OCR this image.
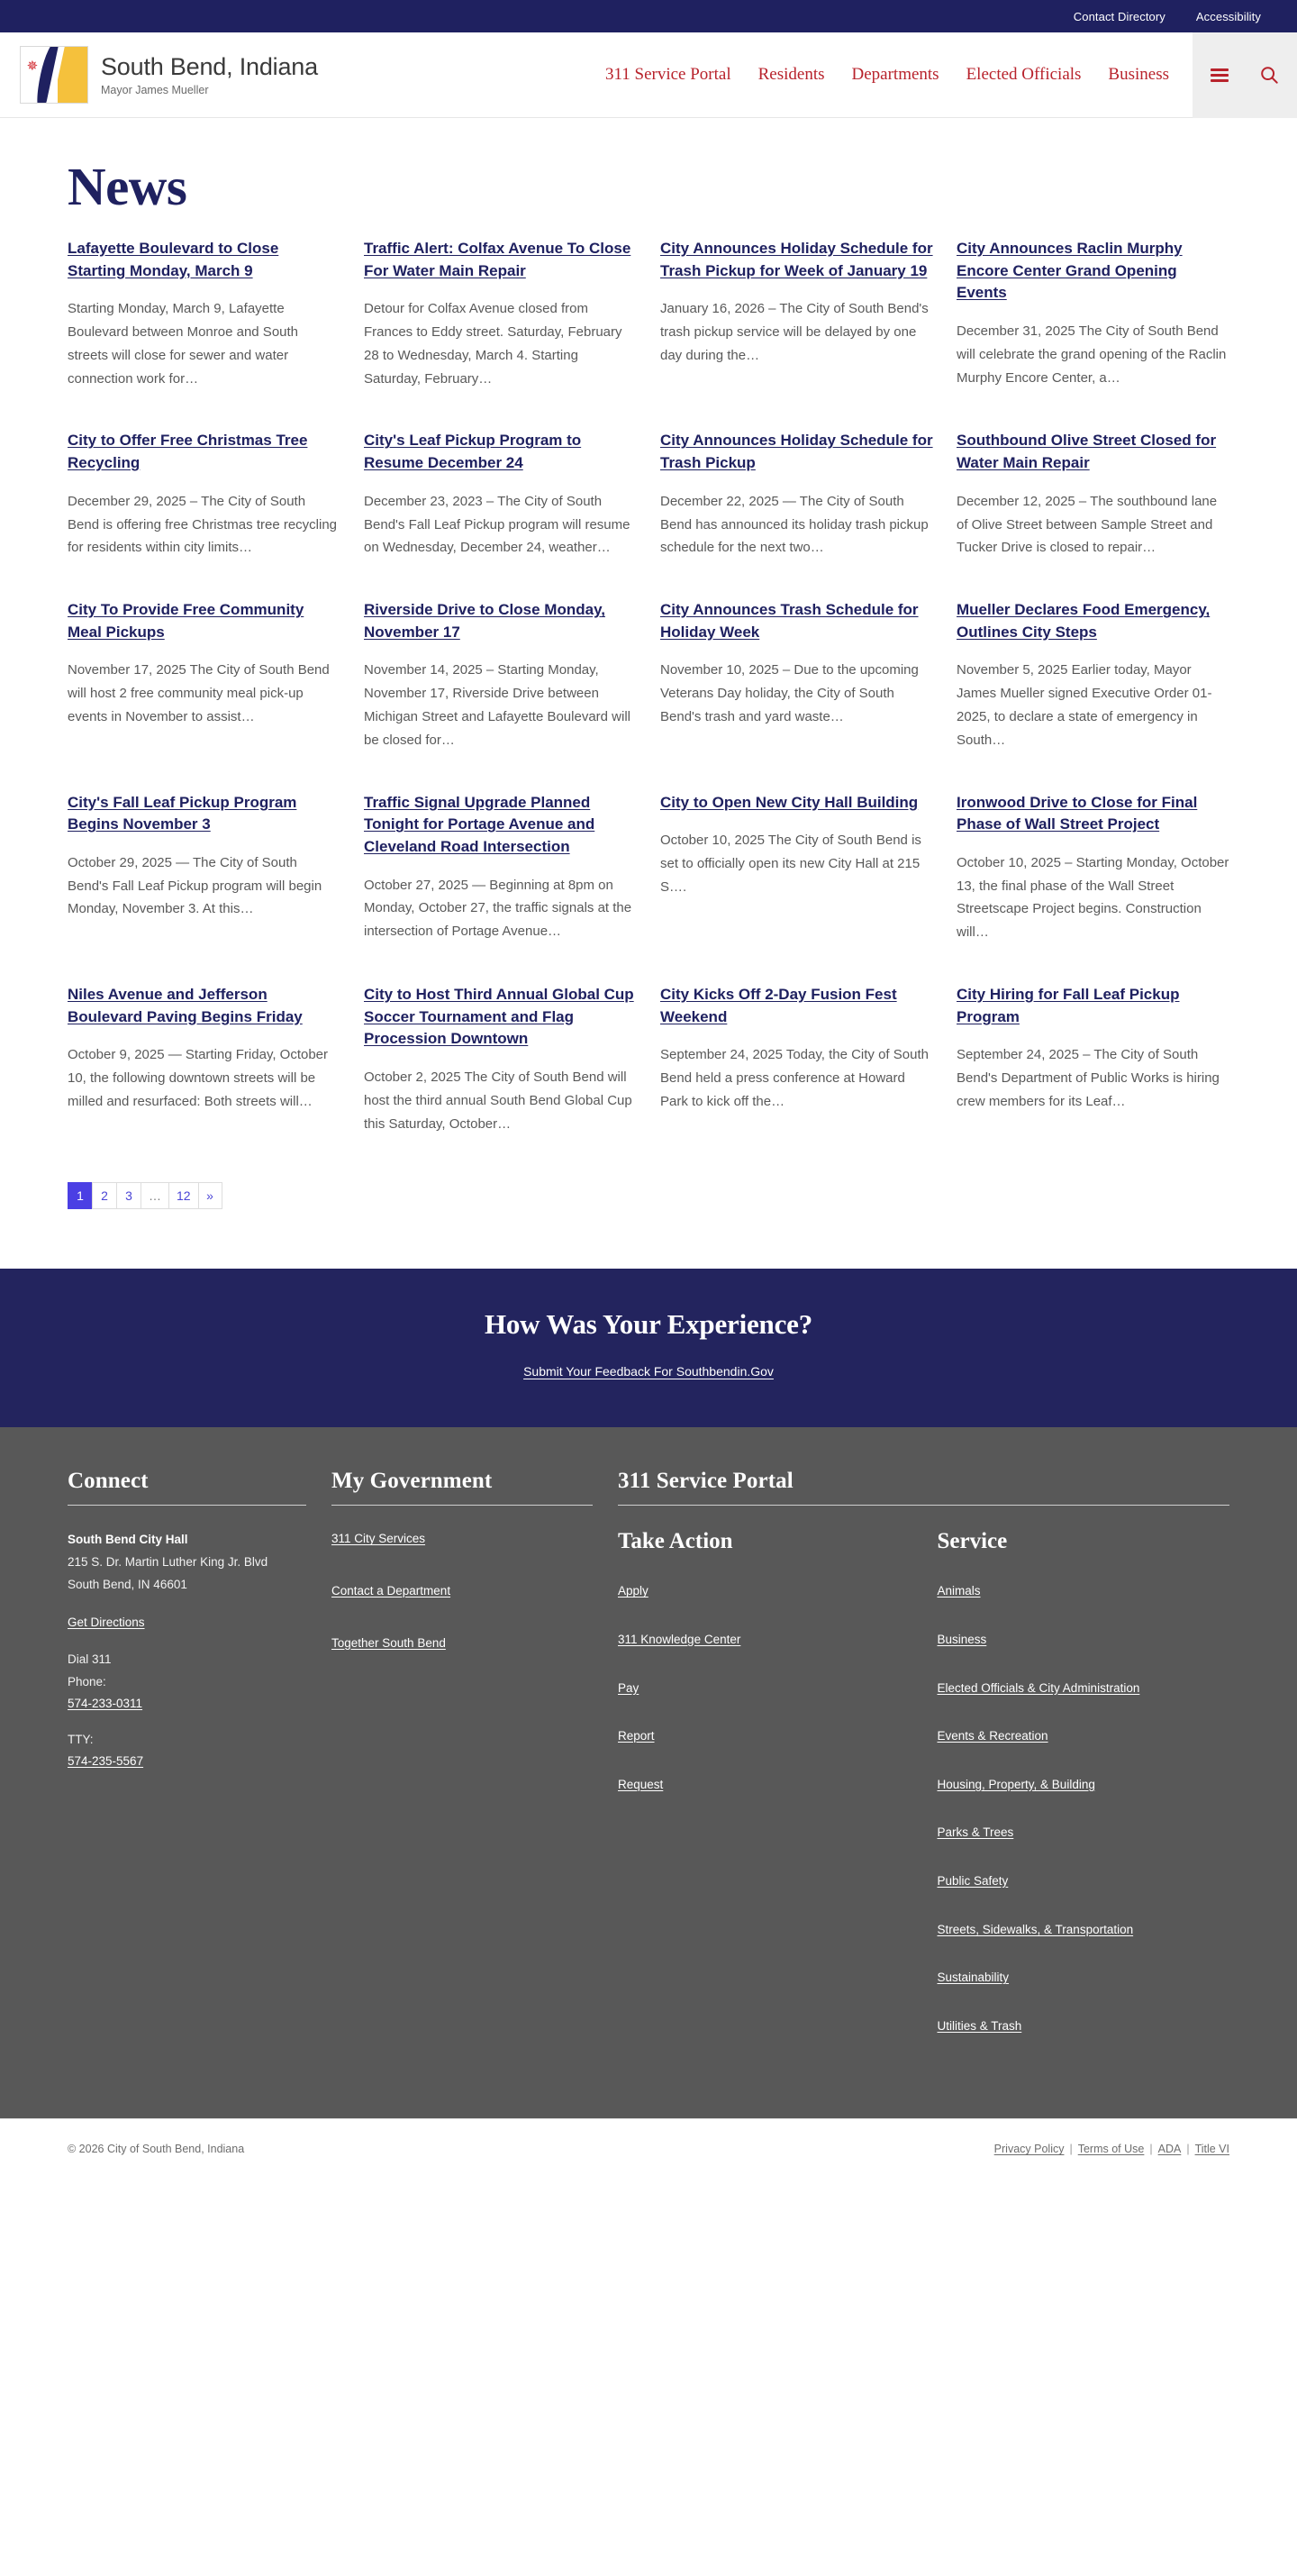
Contact Directory	Accessibility
✵	South Bend, Indiana
Mayor James Mueller
311 Service Portal Residents Departments Elected Officials Business
News
Lafayette Boulevard to Close Starting Monday, March 9

Starting Monday, March 9, Lafayette Boulevard between Monroe and South streets will close for sewer and water connection work for…

Traffic Alert: Colfax Avenue To Close For Water Main Repair

Detour for Colfax Avenue closed from Frances to Eddy street. Saturday, February 28 to Wednesday, March 4. Starting Saturday, February…

City Announces Holiday Schedule for Trash Pickup for Week of January 19

January 16, 2026 – The City of South Bend's trash pickup service will be delayed by one day during the…

City Announces Raclin Murphy Encore Center Grand Opening Events

December 31, 2025 The City of South Bend will celebrate the grand opening of the Raclin Murphy Encore Center, a…

City to Offer Free Christmas Tree Recycling

December 29, 2025 – The City of South Bend is offering free Christmas tree recycling for residents within city limits…

City's Leaf Pickup Program to Resume December 24

December 23, 2023 – The City of South Bend's Fall Leaf Pickup program will resume on Wednesday, December 24, weather…

City Announces Holiday Schedule for Trash Pickup

December 22, 2025 — The City of South Bend has announced its holiday trash pickup schedule for the next two…

Southbound Olive Street Closed for Water Main Repair

December 12, 2025 – The southbound lane of Olive Street between Sample Street and Tucker Drive is closed to repair…

City To Provide Free Community Meal Pickups

November 17, 2025 The City of South Bend will host 2 free community meal pick-up events in November to assist…

Riverside Drive to Close Monday, November 17

November 14, 2025 – Starting Monday, November 17, Riverside Drive between Michigan Street and Lafayette Boulevard will be closed for…

City Announces Trash Schedule for Holiday Week

November 10, 2025 – Due to the upcoming Veterans Day holiday, the City of South Bend's trash and yard waste…

Mueller Declares Food Emergency, Outlines City Steps

November 5, 2025 Earlier today, Mayor James Mueller signed Executive Order 01-2025, to declare a state of emergency in South…

City's Fall Leaf Pickup Program Begins November 3

October 29, 2025 — The City of South Bend's Fall Leaf Pickup program will begin Monday, November 3. At this…

Traffic Signal Upgrade Planned Tonight for Portage Avenue and Cleveland Road Intersection

October 27, 2025 — Beginning at 8pm on Monday, October 27, the traffic signals at the intersection of Portage Avenue…

City to Open New City Hall Building

October 10, 2025 The City of South Bend is set to officially open its new City Hall at 215 S….

Ironwood Drive to Close for Final Phase of Wall Street Project

October 10, 2025 – Starting Monday, October 13, the final phase of the Wall Street Streetscape Project begins. Construction will…

Niles Avenue and Jefferson Boulevard Paving Begins Friday

October 9, 2025 — Starting Friday, October 10, the following downtown streets will be milled and resurfaced: Both streets will…

City to Host Third Annual Global Cup Soccer Tournament and Flag Procession Downtown

October 2, 2025 The City of South Bend will host the third annual South Bend Global Cup this Saturday, October…

City Kicks Off 2-Day Fusion Fest Weekend

September 24, 2025 Today, the City of South Bend held a press conference at Howard Park to kick off the…

City Hiring for Fall Leaf Pickup Program

September 24, 2025 – The City of South Bend's Department of Public Works is hiring crew members for its Leaf…

1	2	3	…	12	»
How Was Your Experience?
Submit Your Feedback For Southbendin.Gov
Connect
South Bend City Hall
215 S. Dr. Martin Luther King Jr. Blvd
South Bend, IN 46601
Get Directions
Dial 311
Phone:
574-233-0311
TTY:
574-235-5567
My Government
311 City Services
Contact a Department
Together South Bend
311 Service Portal
Take Action
Apply
311 Knowledge Center
Pay
Report
Request
Service
Animals
Business
Elected Officials & City Administration
Events & Recreation
Housing, Property, & Building
Parks & Trees
Public Safety
Streets, Sidewalks, & Transportation
Sustainability
Utilities & Trash
© 2026 City of South Bend, Indiana	Privacy Policy | Terms of Use | ADA | Title VI
